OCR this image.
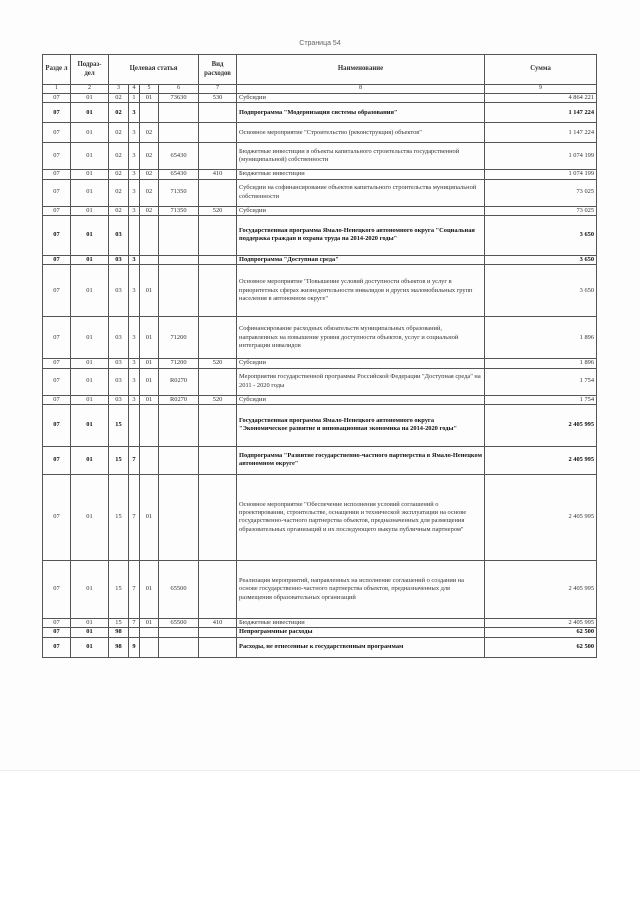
Страница 54
Разде л	Подраз- дел	Целевая статья				Вид расходов	Наименование	Сумма
1	2	3	4	5	6	7	8	9
07	01	02	1	01	73630	530	Субсидии	4 864 221
07	01	02	3				Подпрограмма "Модернизация системы образования"	1 147 224
07	01	02	3	02			Основное мероприятие "Строительство (реконструкция) объектов"	1 147 224
07	01	02	3	02	65430		Бюджетные инвестиции в объекты капитального строительства государственной (муниципальной) собственности	1 074 199
07	01	02	3	02	65430	410	Бюджетные инвестиции	1 074 199
07	01	02	3	02	71350		Субсидии на софинансирование объектов капитального строительства муниципальной собственности	73 025
07	01	02	3	02	71350	520	Субсидии	73 025
07	01	03					Государственная программа Ямало-Ненецкого автономного округа "Социальная поддержка граждан и охрана труда на 2014-2020 годы"	3 650
07	01	03	3				Подпрограмма "Доступная среда"	3 650
07	01	03	3	01			Основное мероприятие "Повышение условий доступности объектов и услуг в приоритетных сферах жизнедеятельности инвалидов и других маломобильных групп населения в автономном округе"	3 650
07	01	03	3	01	71200		Софинансирование расходных обязательств муниципальных образований, направленных на повышение уровня доступности объектов, услуг и социальной интеграции инвалидов	1 896
07	01	03	3	01	71200	520	Субсидии	1 896
07	01	03	3	01	R0270		Мероприятия государственной программы Российской Федерации "Доступная среда" на 2011 - 2020 годы	1 754
07	01	03	3	01	R0270	520	Субсидии	1 754
07	01	15					Государственная программа Ямало-Ненецкого автономного округа "Экономическое развитие и инновационная экономика на 2014-2020 годы"	2 405 995
07	01	15	7				Подпрограмма "Развитие государственно-частного партнерства в Ямало-Ненецком автономном округе"	2 405 995
07	01	15	7	01			Основное мероприятие "Обеспечение исполнения условий соглашений о проектировании, строительстве, оснащении и технической эксплуатации на основе государственно-частного партнерства объектов, предназначенных для размещения образовательных организаций и их последующего выкупа публичным партнером"	2 405 995
07	01	15	7	01	65500		Реализация мероприятий, направленных на исполнение соглашений о создании на основе государственно-частного партнерства объектов, предназначенных для размещения образовательных организаций	2 405 995
07	01	15	7	01	65500	410	Бюджетные инвестиции	2 405 995
07	01	98					Непрограммные расходы	62 500
07	01	98	9				Расходы, не отнесенные к государственным программам	62 500
